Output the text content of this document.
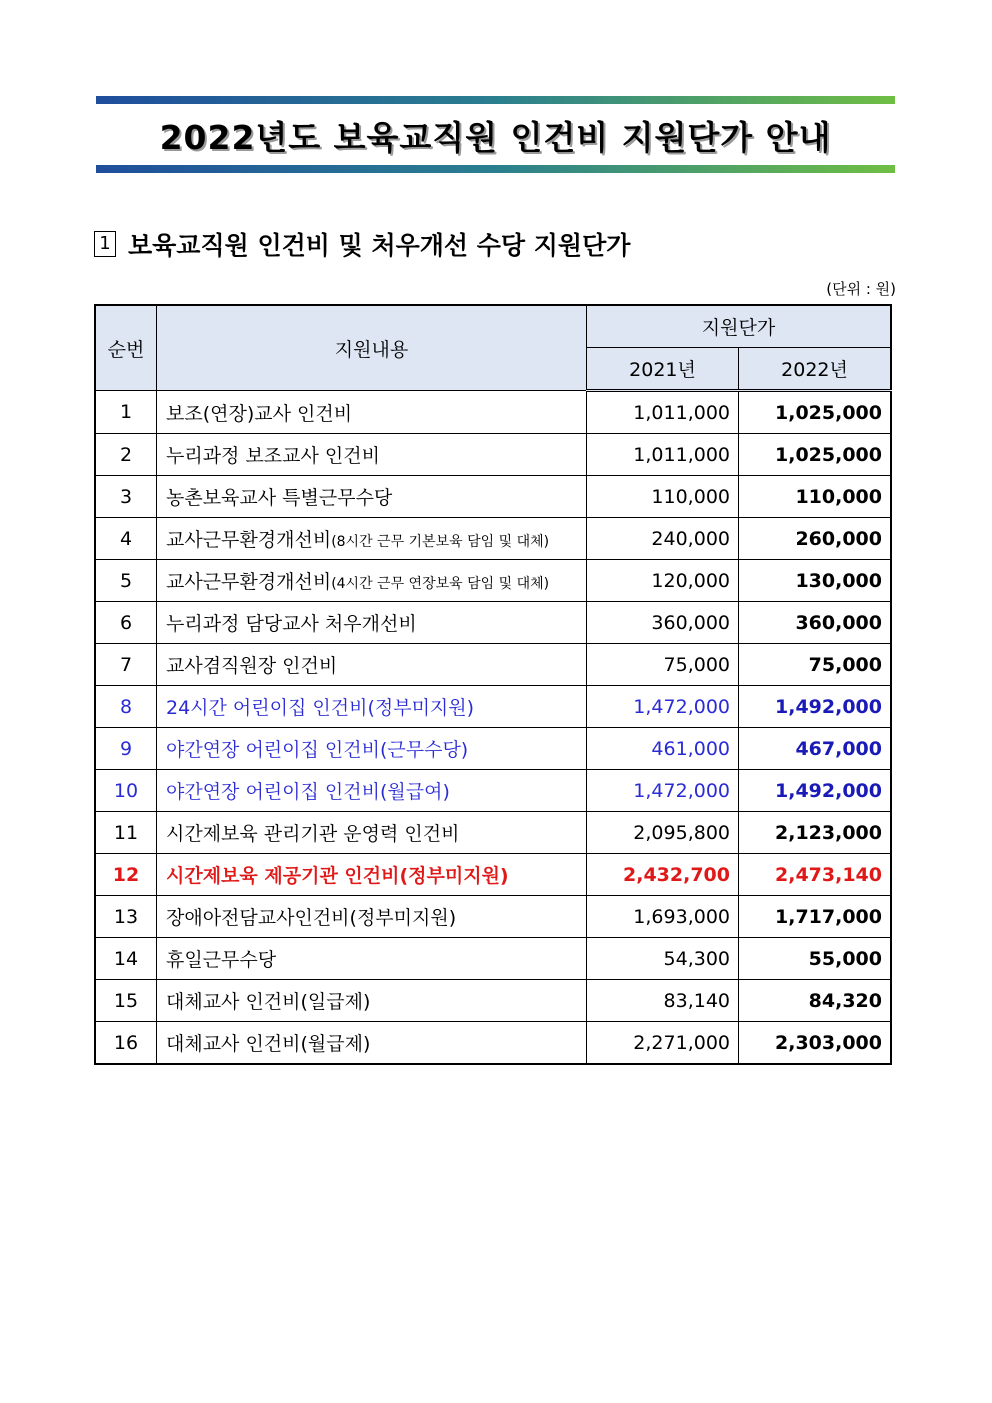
2022년도 보육교직원 인건비 지원단가 안내
1 보육교직원 인건비 및 처우개선 수당 지원단가
(단위 : 원)
순번	지원내용	지원단가	
		2021년	2022년
1	보조(연장)교사 인건비	1,011,000	1,025,000
2	누리과정 보조교사 인건비	1,011,000	1,025,000
3	농촌보육교사 특별근무수당	110,000	110,000
4	교사근무환경개선비(8시간 근무 기본보육 담임 및 대체)	240,000	260,000
5	교사근무환경개선비(4시간 근무 연장보육 담임 및 대체)	120,000	130,000
6	누리과정 담당교사 처우개선비	360,000	360,000
7	교사겸직원장 인건비	75,000	75,000
8	24시간 어린이집 인건비(정부미지원)	1,472,000	1,492,000
9	야간연장 어린이집 인건비(근무수당)	461,000	467,000
10	야간연장 어린이집 인건비(월급여)	1,472,000	1,492,000
11	시간제보육 관리기관 운영력 인건비	2,095,800	2,123,000
12	시간제보육 제공기관 인건비(정부미지원)	2,432,700	2,473,140
13	장애아전담교사인건비(정부미지원)	1,693,000	1,717,000
14	휴일근무수당	54,300	55,000
15	대체교사 인건비(일급제)	83,140	84,320
16	대체교사 인건비(월급제)	2,271,000	2,303,000
